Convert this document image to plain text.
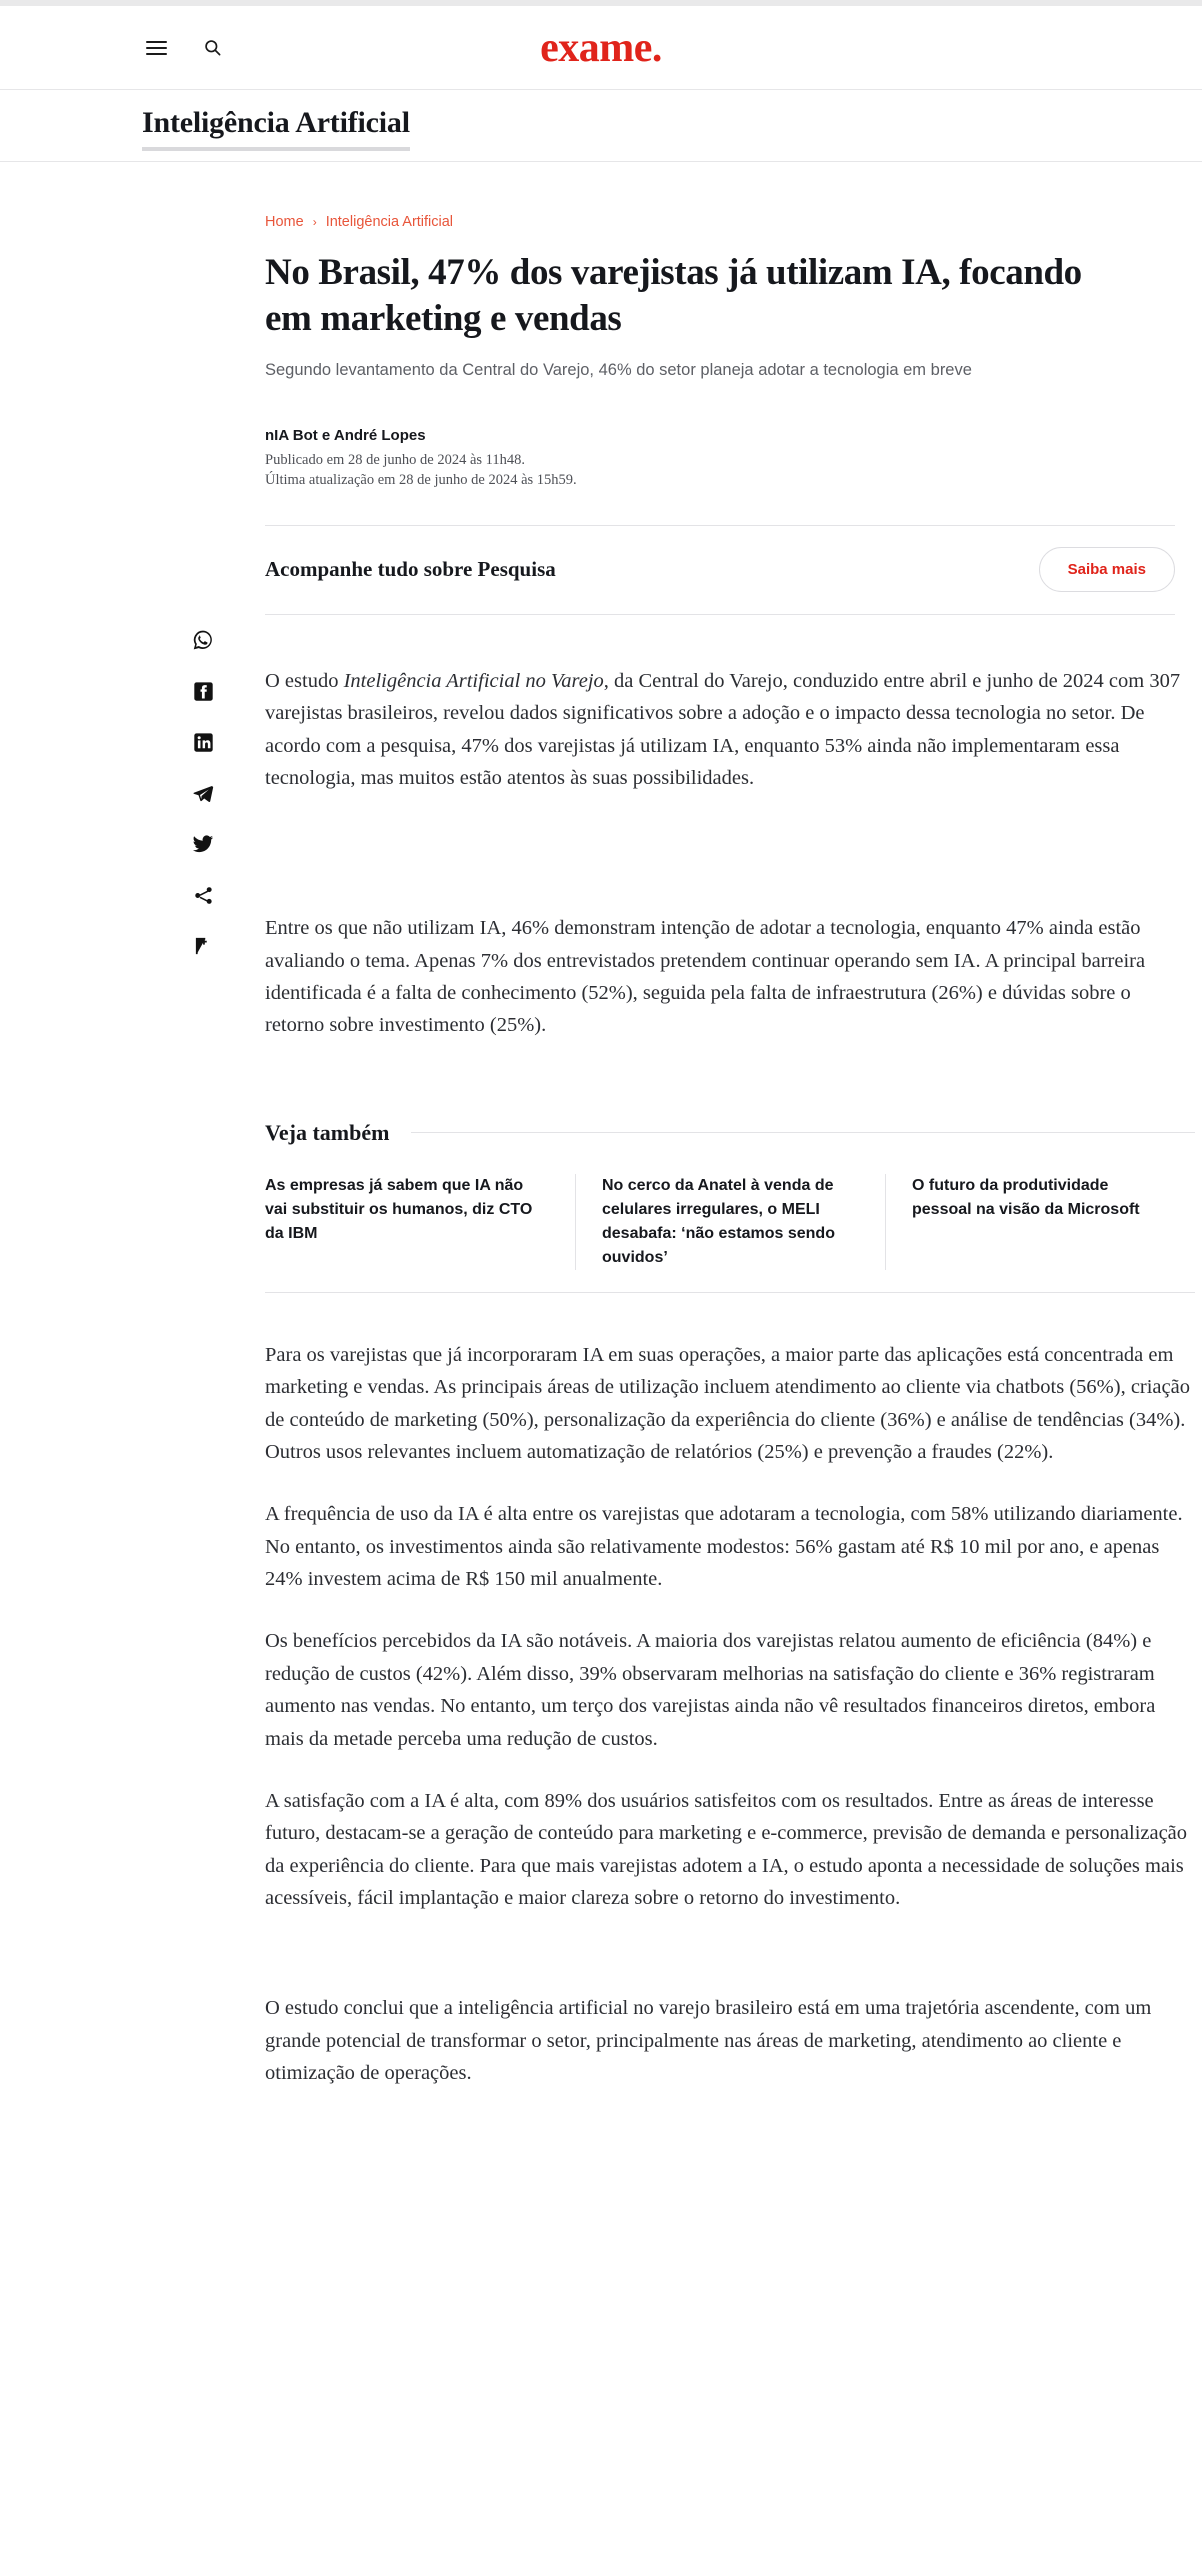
exame.
Inteligência Artificial
Home › Inteligência Artificial
No Brasil, 47% dos varejistas já utilizam IA, focando em marketing e vendas
Segundo levantamento da Central do Varejo, 46% do setor planeja adotar a tecnologia em breve
nIA Bot e André Lopes
Publicado em 28 de junho de 2024 às 11h48.
Última atualização em 28 de junho de 2024 às 15h59.
Acompanhe tudo sobre Pesquisa	Saiba mais

O estudo Inteligência Artificial no Varejo, da Central do Varejo, conduzido entre abril e junho de 2024 com 307 varejistas brasileiros, revelou dados significativos sobre a adoção e o impacto dessa tecnologia no setor. De acordo com a pesquisa, 47% dos varejistas já utilizam IA, enquanto 53% ainda não implementaram essa tecnologia, mas muitos estão atentos às suas possibilidades.

Entre os que não utilizam IA, 46% demonstram intenção de adotar a tecnologia, enquanto 47% ainda estão avaliando o tema. Apenas 7% dos entrevistados pretendem continuar operando sem IA. A principal barreira identificada é a falta de conhecimento (52%), seguida pela falta de infraestrutura (26%) e dúvidas sobre o retorno sobre investimento (25%).

Veja também
As empresas já sabem que IA não vai substituir os humanos, diz CTO da IBM
No cerco da Anatel à venda de celulares irregulares, o MELI desabafa: ‘não estamos sendo ouvidos’
O futuro da produtividade pessoal na visão da Microsoft

Para os varejistas que já incorporaram IA em suas operações, a maior parte das aplicações está concentrada em marketing e vendas. As principais áreas de utilização incluem atendimento ao cliente via chatbots (56%), criação de conteúdo de marketing (50%), personalização da experiência do cliente (36%) e análise de tendências (34%). Outros usos relevantes incluem automatização de relatórios (25%) e prevenção a fraudes (22%).

A frequência de uso da IA é alta entre os varejistas que adotaram a tecnologia, com 58% utilizando diariamente. No entanto, os investimentos ainda são relativamente modestos: 56% gastam até R$ 10 mil por ano, e apenas 24% investem acima de R$ 150 mil anualmente.

Os benefícios percebidos da IA são notáveis. A maioria dos varejistas relatou aumento de eficiência (84%) e redução de custos (42%). Além disso, 39% observaram melhorias na satisfação do cliente e 36% registraram aumento nas vendas. No entanto, um terço dos varejistas ainda não vê resultados financeiros diretos, embora mais da metade perceba uma redução de custos.

A satisfação com a IA é alta, com 89% dos usuários satisfeitos com os resultados. Entre as áreas de interesse futuro, destacam-se a geração de conteúdo para marketing e e-commerce, previsão de demanda e personalização da experiência do cliente. Para que mais varejistas adotem a IA, o estudo aponta a necessidade de soluções mais acessíveis, fácil implantação e maior clareza sobre o retorno do investimento.

O estudo conclui que a inteligência artificial no varejo brasileiro está em uma trajetória ascendente, com um grande potencial de transformar o setor, principalmente nas áreas de marketing, atendimento ao cliente e otimização de operações.
